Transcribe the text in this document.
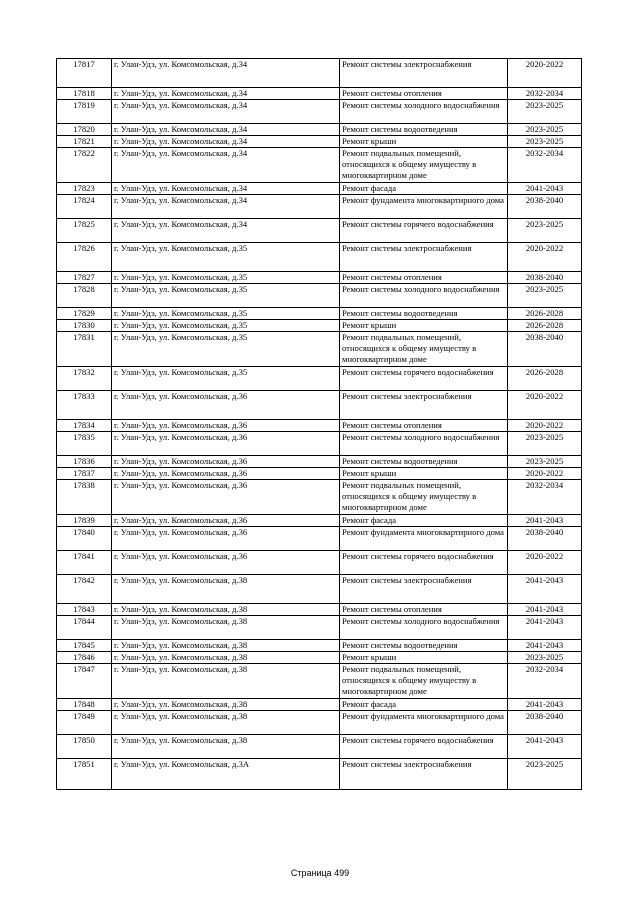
17817	г. Улан-Удэ, ул. Комсомольская, д.34	Ремонт системы электроснабжения	2020-2022
17818	г. Улан-Удэ, ул. Комсомольская, д.34	Ремонт системы отопления	2032-2034
17819	г. Улан-Удэ, ул. Комсомольская, д.34	Ремонт системы холодного водоснабжения	2023-2025
17820	г. Улан-Удэ, ул. Комсомольская, д.34	Ремонт системы водоотведения	2023-2025
17821	г. Улан-Удэ, ул. Комсомольская, д.34	Ремонт крыши	2023-2025
17822	г. Улан-Удэ, ул. Комсомольская, д.34	Ремонт подвальных помещений, относящихся к общему имуществу в многоквартирном доме	2032-2034
17823	г. Улан-Удэ, ул. Комсомольская, д.34	Ремонт фасада	2041-2043
17824	г. Улан-Удэ, ул. Комсомольская, д.34	Ремонт фундамента многоквартирного дома	2038-2040
17825	г. Улан-Удэ, ул. Комсомольская, д.34	Ремонт системы горячего водоснабжения	2023-2025
17826	г. Улан-Удэ, ул. Комсомольская, д.35	Ремонт системы электроснабжения	2020-2022
17827	г. Улан-Удэ, ул. Комсомольская, д.35	Ремонт системы отопления	2038-2040
17828	г. Улан-Удэ, ул. Комсомольская, д.35	Ремонт системы холодного водоснабжения	2023-2025
17829	г. Улан-Удэ, ул. Комсомольская, д.35	Ремонт системы водоотведения	2026-2028
17830	г. Улан-Удэ, ул. Комсомольская, д.35	Ремонт крыши	2026-2028
17831	г. Улан-Удэ, ул. Комсомольская, д.35	Ремонт подвальных помещений, относящихся к общему имуществу в многоквартирном доме	2038-2040
17832	г. Улан-Удэ, ул. Комсомольская, д.35	Ремонт системы горячего водоснабжения	2026-2028
17833	г. Улан-Удэ, ул. Комсомольская, д.36	Ремонт системы электроснабжения	2020-2022
17834	г. Улан-Удэ, ул. Комсомольская, д.36	Ремонт системы отопления	2020-2022
17835	г. Улан-Удэ, ул. Комсомольская, д.36	Ремонт системы холодного водоснабжения	2023-2025
17836	г. Улан-Удэ, ул. Комсомольская, д.36	Ремонт системы водоотведения	2023-2025
17837	г. Улан-Удэ, ул. Комсомольская, д.36	Ремонт крыши	2020-2022
17838	г. Улан-Удэ, ул. Комсомольская, д.36	Ремонт подвальных помещений, относящихся к общему имуществу в многоквартирном доме	2032-2034
17839	г. Улан-Удэ, ул. Комсомольская, д.36	Ремонт фасада	2041-2043
17840	г. Улан-Удэ, ул. Комсомольская, д.36	Ремонт фундамента многоквартирного дома	2038-2040
17841	г. Улан-Удэ, ул. Комсомольская, д.36	Ремонт системы горячего водоснабжения	2020-2022
17842	г. Улан-Удэ, ул. Комсомольская, д.38	Ремонт системы электроснабжения	2041-2043
17843	г. Улан-Удэ, ул. Комсомольская, д.38	Ремонт системы отопления	2041-2043
17844	г. Улан-Удэ, ул. Комсомольская, д.38	Ремонт системы холодного водоснабжения	2041-2043
17845	г. Улан-Удэ, ул. Комсомольская, д.38	Ремонт системы водоотведения	2041-2043
17846	г. Улан-Удэ, ул. Комсомольская, д.38	Ремонт крыши	2023-2025
17847	г. Улан-Удэ, ул. Комсомольская, д.38	Ремонт подвальных помещений, относящихся к общему имуществу в многоквартирном доме	2032-2034
17848	г. Улан-Удэ, ул. Комсомольская, д.38	Ремонт фасада	2041-2043
17849	г. Улан-Удэ, ул. Комсомольская, д.38	Ремонт фундамента многоквартирного дома	2038-2040
17850	г. Улан-Удэ, ул. Комсомольская, д.38	Ремонт системы горячего водоснабжения	2041-2043
17851	г. Улан-Удэ, ул. Комсомольская, д.3А	Ремонт системы электроснабжения	2023-2025
Страница 499
